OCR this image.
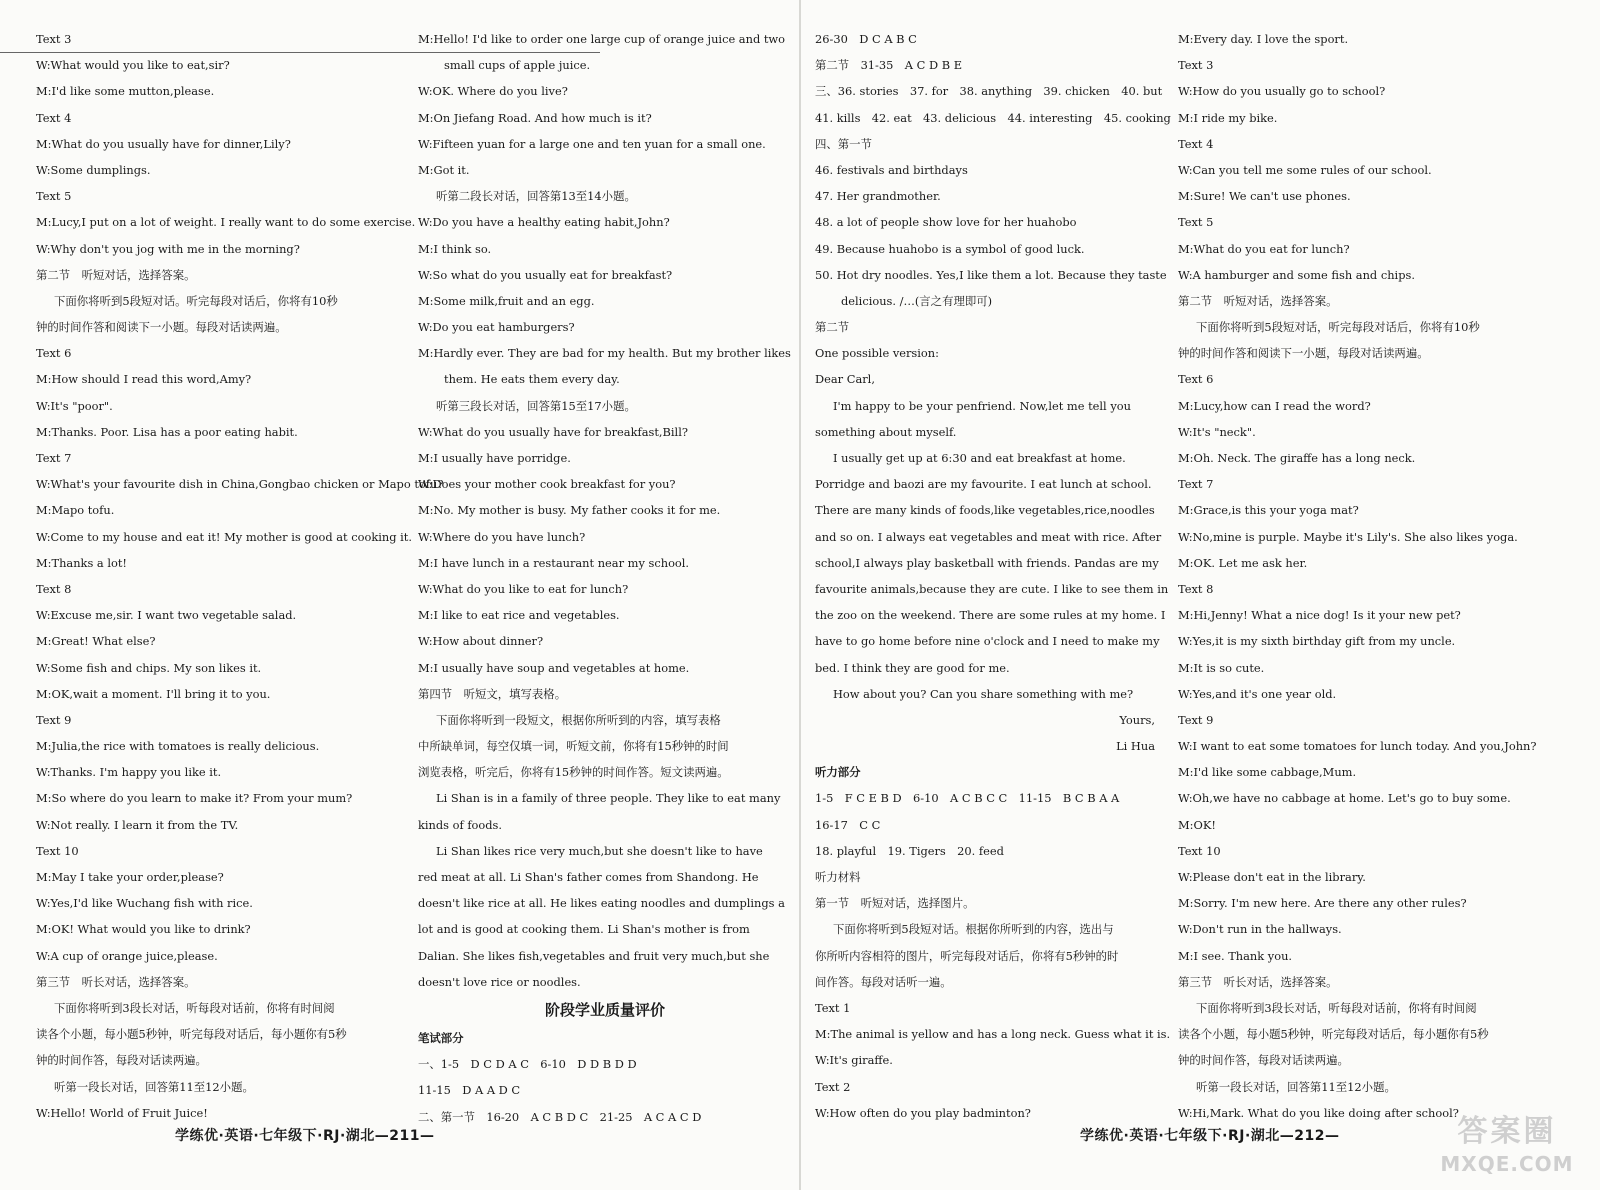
Text 3
W:What would you like to eat,sir?
M:I'd like some mutton,please.
Text 4
M:What do you usually have for dinner,Lily?
W:Some dumplings.
Text 5
M:Lucy,I put on a lot of weight. I really want to do some exercise.
W:Why don't you jog with me in the morning?
第二节　听短对话，选择答案。
下面你将听到5段短对话。听完每段对话后，你将有10秒
钟的时间作答和阅读下一小题。每段对话读两遍。
Text 6
M:How should I read this word,Amy?
W:It's "poor".
M:Thanks. Poor. Lisa has a poor eating habit.
Text 7
W:What's your favourite dish in China,Gongbao chicken or Mapo tofu?
M:Mapo tofu.
W:Come to my house and eat it! My mother is good at cooking it.
M:Thanks a lot!
Text 8
W:Excuse me,sir. I want two vegetable salad.
M:Great! What else?
W:Some fish and chips. My son likes it.
M:OK,wait a moment. I'll bring it to you.
Text 9
M:Julia,the rice with tomatoes is really delicious.
W:Thanks. I'm happy you like it.
M:So where do you learn to make it? From your mum?
W:Not really. I learn it from the TV.
Text 10
M:May I take your order,please?
W:Yes,I'd like Wuchang fish with rice.
M:OK! What would you like to drink?
W:A cup of orange juice,please.
第三节　听长对话，选择答案。
下面你将听到3段长对话，听每段对话前，你将有时间阅
读各个小题，每小题5秒钟，听完每段对话后，每小题你有5秒
钟的时间作答，每段对话读两遍。
听第一段长对话，回答第11至12小题。
W:Hello! World of Fruit Juice!
M:Hello! I'd like to order one large cup of orange juice and two
small cups of apple juice.
W:OK. Where do you live?
M:On Jiefang Road. And how much is it?
W:Fifteen yuan for a large one and ten yuan for a small one.
M:Got it.
听第二段长对话，回答第13至14小题。
W:Do you have a healthy eating habit,John?
M:I think so.
W:So what do you usually eat for breakfast?
M:Some milk,fruit and an egg.
W:Do you eat hamburgers?
M:Hardly ever. They are bad for my health. But my brother likes
them. He eats them every day.
听第三段长对话，回答第15至17小题。
W:What do you usually have for breakfast,Bill?
M:I usually have porridge.
W:Does your mother cook breakfast for you?
M:No. My mother is busy. My father cooks it for me.
W:Where do you have lunch?
M:I have lunch in a restaurant near my school.
W:What do you like to eat for lunch?
M:I like to eat rice and vegetables.
W:How about dinner?
M:I usually have soup and vegetables at home.
第四节　听短文，填写表格。
下面你将听到一段短文，根据你所听到的内容，填写表格
中所缺单词，每空仅填一词，听短文前，你将有15秒钟的时间
浏览表格，听完后，你将有15秒钟的时间作答。短文读两遍。
Li Shan is in a family of three people. They like to eat many
kinds of foods.
Li Shan likes rice very much,but she doesn't like to have
red meat at all. Li Shan's father comes from Shandong. He
doesn't like rice at all. He likes eating noodles and dumplings a
lot and is good at cooking them. Li Shan's mother is from
Dalian. She likes fish,vegetables and fruit very much,but she
doesn't love rice or noodles.
阶段学业质量评价
笔试部分
一、1-5　D C D A C　6-10　D D B D D
11-15　D A A D C
二、第一节　16-20　A C B D C　21-25　A C A C D
学练优·英语·七年级下·RJ·湖北—211—
26-30　D C A B C
第二节　31-35　A C D B E
三、36. stories　37. for　38. anything　39. chicken　40. but
41. kills　42. eat　43. delicious　44. interesting　45. cooking
四、第一节
46. festivals and birthdays
47. Her grandmother.
48. a lot of people show love for her huahobo
49. Because huahobo is a symbol of good luck.
50. Hot dry noodles. Yes,I like them a lot. Because they taste
delicious. /…(言之有理即可)
第二节
One possible version:
Dear Carl,
I'm happy to be your penfriend. Now,let me tell you
something about myself.
I usually get up at 6:30 and eat breakfast at home.
Porridge and baozi are my favourite. I eat lunch at school.
There are many kinds of foods,like vegetables,rice,noodles
and so on. I always eat vegetables and meat with rice. After
school,I always play basketball with friends. Pandas are my
favourite animals,because they are cute. I like to see them in
the zoo on the weekend. There are some rules at my home. I
have to go home before nine o'clock and I need to make my
bed. I think they are good for me.
How about you? Can you share something with me?
Yours,
Li Hua
听力部分
1-5　F C E B D　6-10　A C B C C　11-15　B C B A A
16-17　C C
18. playful　19. Tigers　20. feed
听力材料
第一节　听短对话，选择图片。
下面你将听到5段短对话。根据你所听到的内容，选出与
你所听内容相符的图片，听完每段对话后，你将有5秒钟的时
间作答。每段对话听一遍。
Text 1
M:The animal is yellow and has a long neck. Guess what it is.
W:It's giraffe.
Text 2
W:How often do you play badminton?
M:Every day. I love the sport.
Text 3
W:How do you usually go to school?
M:I ride my bike.
Text 4
W:Can you tell me some rules of our school.
M:Sure! We can't use phones.
Text 5
M:What do you eat for lunch?
W:A hamburger and some fish and chips.
第二节　听短对话，选择答案。
下面你将听到5段短对话，听完每段对话后，你将有10秒
钟的时间作答和阅读下一小题，每段对话读两遍。
Text 6
M:Lucy,how can I read the word?
W:It's "neck".
M:Oh. Neck. The giraffe has a long neck.
Text 7
M:Grace,is this your yoga mat?
W:No,mine is purple. Maybe it's Lily's. She also likes yoga.
M:OK. Let me ask her.
Text 8
M:Hi,Jenny! What a nice dog! Is it your new pet?
W:Yes,it is my sixth birthday gift from my uncle.
M:It is so cute.
W:Yes,and it's one year old.
Text 9
W:I want to eat some tomatoes for lunch today. And you,John?
M:I'd like some cabbage,Mum.
W:Oh,we have no cabbage at home. Let's go to buy some.
M:OK!
Text 10
W:Please don't eat in the library.
M:Sorry. I'm new here. Are there any other rules?
W:Don't run in the hallways.
M:I see. Thank you.
第三节　听长对话，选择答案。
下面你将听到3段长对话，听每段对话前，你将有时间阅
读各个小题，每小题5秒钟，听完每段对话后，每小题你有5秒
钟的时间作答，每段对话读两遍。
听第一段长对话，回答第11至12小题。
W:Hi,Mark. What do you like doing after school?
学练优·英语·七年级下·RJ·湖北—212—	答案圈
MXQE.COM
